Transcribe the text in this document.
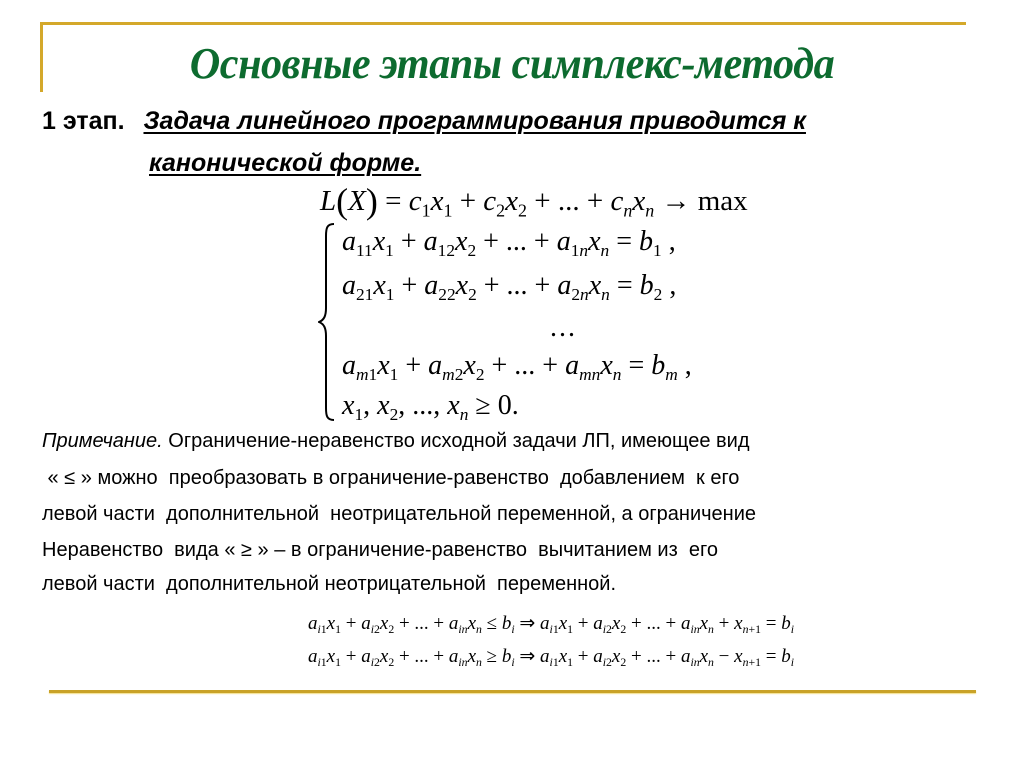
Основные этапы симплекс-метода
1 этап. Задача линейного программирования приводится к
канонической форме.
$L(X) = c_1x_1 + c_2x_2$ + ... + $c_nx_n \to \max$
$a_{11}x_1 + a_{12}x_2$ + ... + $a_{1n}x_n = b_1$ ,
$a_{21}x_1 + a_{22}x_2$ + ... + $a_{2n}x_n = b_2$ ,
...
$a_{m1}x_1 + a_{m2}x_2$ + ... + $a_{mn}x_n = b_m$ ,
$x_1$, $x_2$, ..., $x_n \ge 0$.
Примечание. Ограничение-неравенство исходной задачи ЛП, имеющее вид
« ≤ » можно  преобразовать в ограничение-равенство  добавлением  к его
левой части  дополнительной  неотрицательной переменной, а ограничение
Неравенство  вида « ≥ » – в ограничение-равенство  вычитанием из  его
левой части  дополнительной неотрицательной  переменной.
$a_{i1}x_1 + a_{i2}x_2$ + ... + $a_{in}x_n \le b_i$ ⇒ $a_{i1}x_1 + a_{i2}x_2$ + ... + $a_{in}x_n + x_{n+1} = b_i$
$a_{i1}x_1 + a_{i2}x_2$ + ... + $a_{in}x_n \ge b_i$ ⇒ $a_{i1}x_1 + a_{i2}x_2$ + ... + $a_{in}x_n - x_{n+1} = b_i$
